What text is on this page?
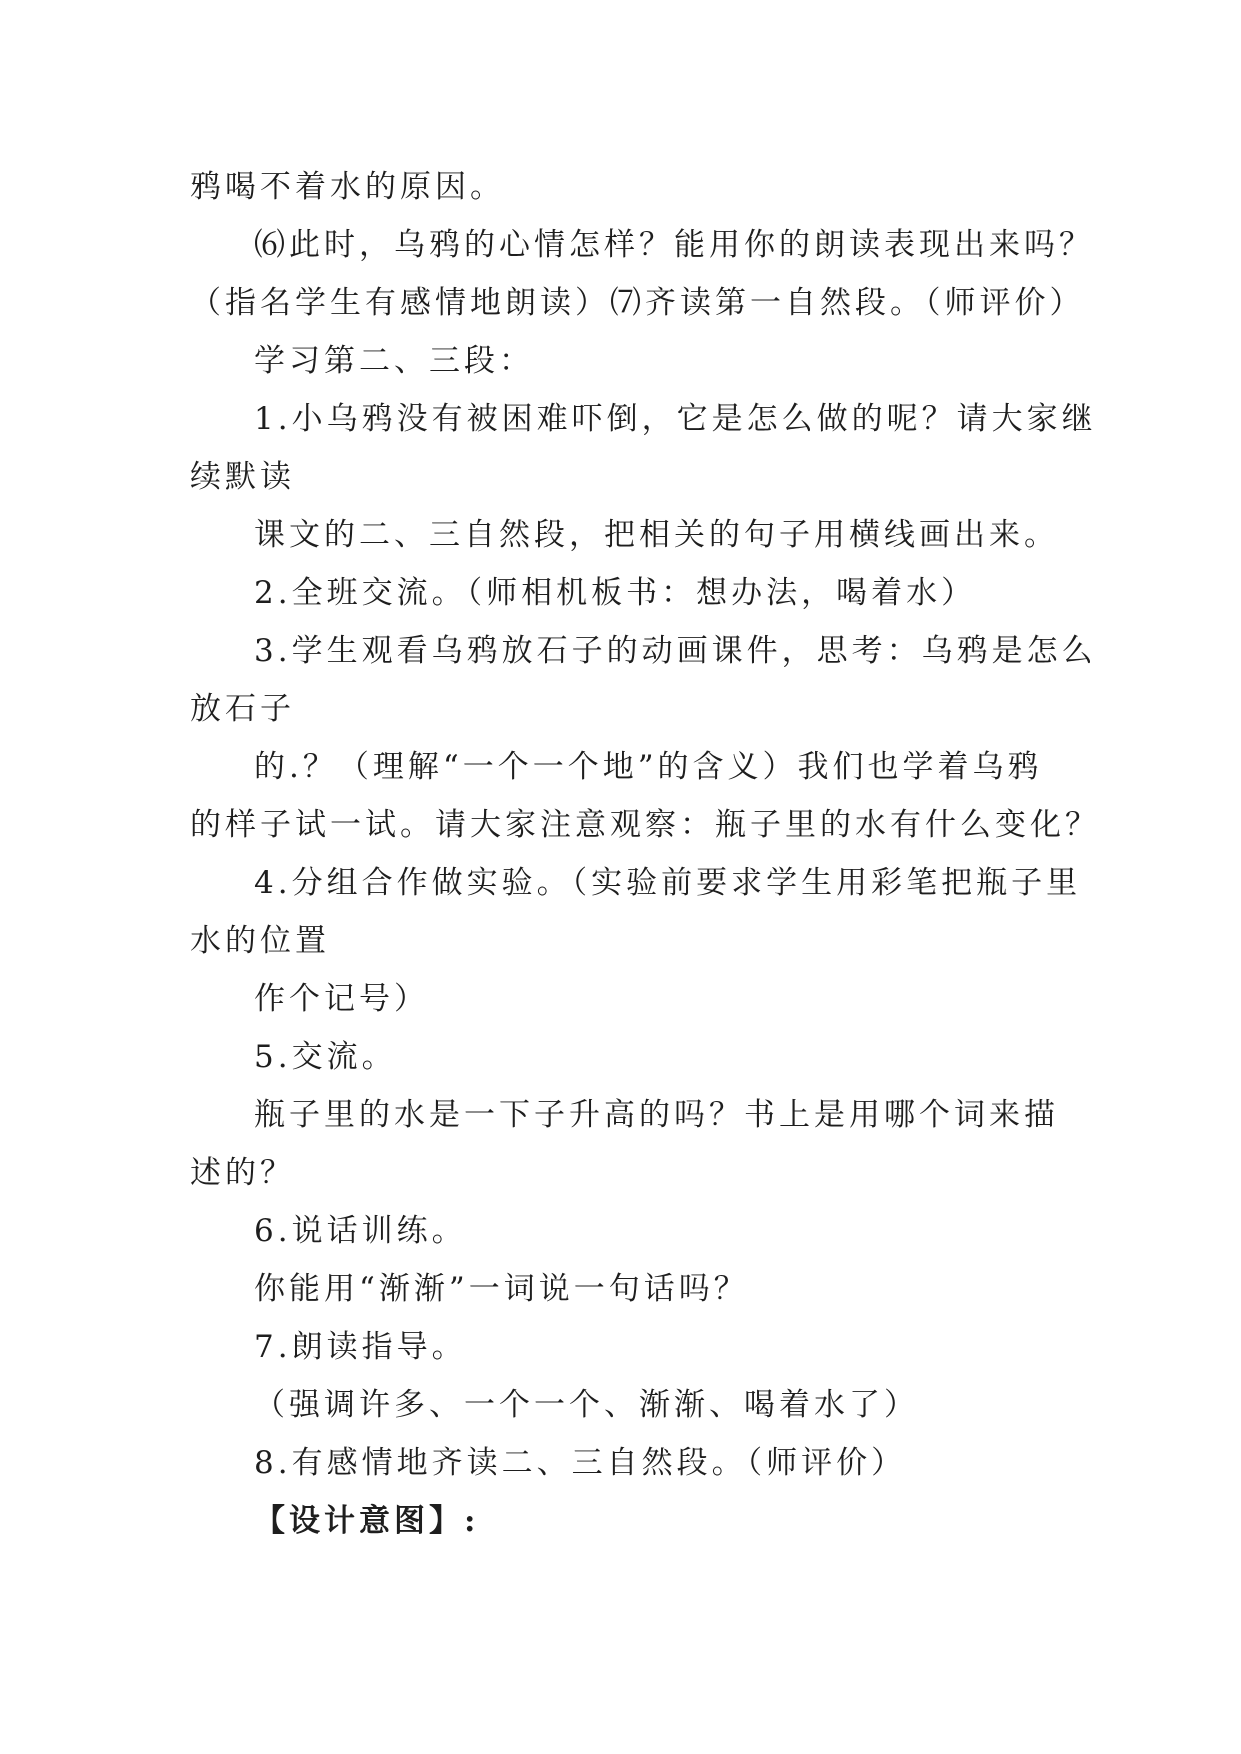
鸦喝不着水的原因。
⑹此时，乌鸦的心情怎样？能用你的朗读表现出来吗？
（指名学生有感情地朗读）⑺齐读第一自然段。（师评价）
学习第二、三段：
1.小乌鸦没有被困难吓倒，它是怎么做的呢？请大家继
续默读
课文的二、三自然段，把相关的句子用横线画出来。
2.全班交流。（师相机板书：想办法，喝着水）
3.学生观看乌鸦放石子的动画课件，思考：乌鸦是怎么
放石子
的.？（理解“一个一个地”的含义）我们也学着乌鸦
的样子试一试。请大家注意观察：瓶子里的水有什么变化？
4.分组合作做实验。（实验前要求学生用彩笔把瓶子里
水的位置
作个记号）
5.交流。
瓶子里的水是一下子升高的吗？书上是用哪个词来描
述的？
6.说话训练。
你能用“渐渐”一词说一句话吗？
7.朗读指导。
（强调许多、一个一个、渐渐、喝着水了）
8.有感情地齐读二、三自然段。（师评价）
【设计意图】:
